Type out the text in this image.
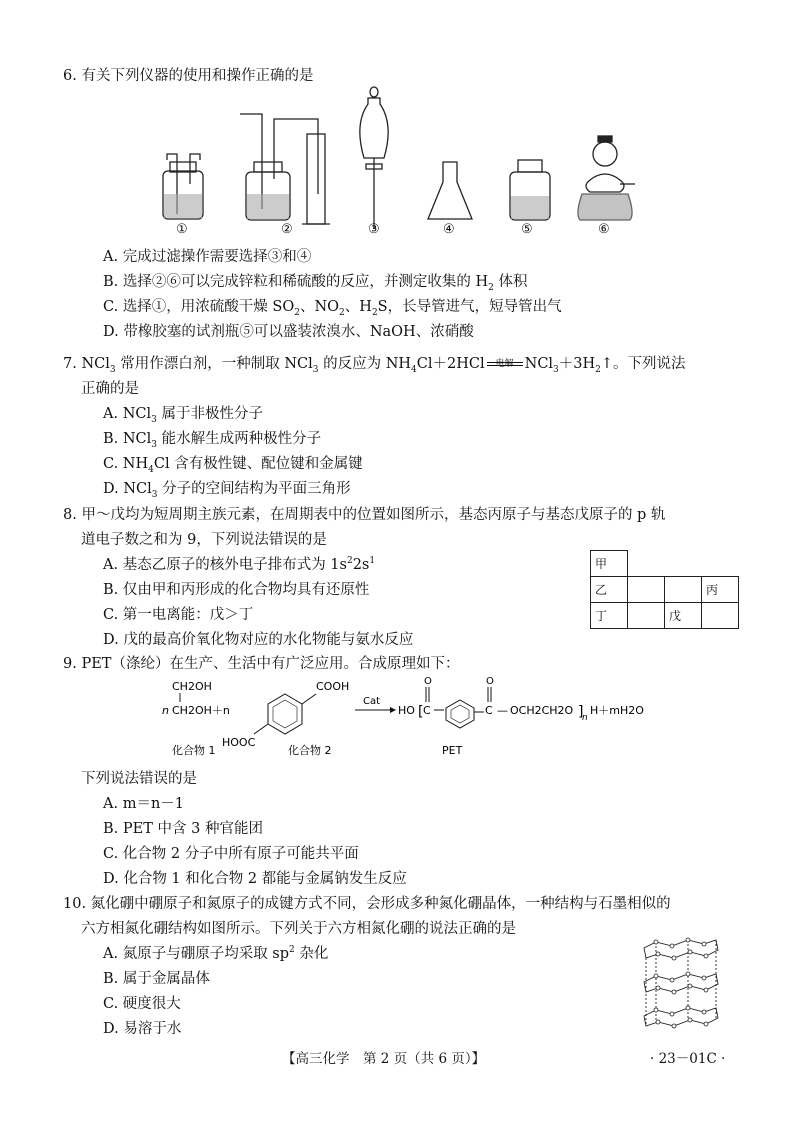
6. 有关下列仪器的使用和操作正确的是
①	②	③	④	⑤	⑥
A. 完成过滤操作需要选择③和④
B. 选择②⑥可以完成锌粒和稀硫酸的反应，并测定收集的 $H_2$ 体积
C. 选择①，用浓硫酸干燥 $SO_2$、$NO_2$、$H_2S$，长导管进气，短导管出气
D. 带橡胶塞的试剂瓶⑤可以盛装浓溴水、NaOH、浓硝酸
7. NCl$_3$ 常用作漂白剂，一种制取 NCl$_3$ 的反应为 $NH_4Cl+2HCl$	电解 $NCl_3+3H_2↑$。下列说法
正确的是
A. NCl$_3$ 属于非极性分子
B. NCl$_3$ 能水解生成两种极性分子
C. $NH_4Cl$ 含有极性键、配位键和金属键
D. NCl$_3$ 分子的空间结构为平面三角形
8. 甲～戊均为短周期主族元素，在周期表中的位置如图所示，基态丙原子与基态戊原子的 p 轨
道电子数之和为 9，下列说法错误的是
A. 基态乙原子的核外电子排布式为 $1s^22s^1$
B. 仅由甲和丙形成的化合物均具有还原性
C. 第一电离能：戊＞丁
D. 戊的最高价氧化物对应的水化物能与氨水反应
甲			
乙			丙
丁		戊	
9. PET（涤纶）在生产、生活中有广泛应用。合成原理如下：
CH2OH
n CH2OH＋n
COOH
HOOC
Cat
HO [
O
C
O
C — OCH2CH2O ]
n
H＋mH2O
化合物 1	化合物 2	PET
下列说法错误的是
A. m＝n－1
B. PET 中含 3 种官能团
C. 化合物 2 分子中所有原子可能共平面
D. 化合物 1 和化合物 2 都能与金属钠发生反应
10. 氮化硼中硼原子和氮原子的成键方式不同，会形成多种氮化硼晶体，一种结构与石墨相似的
六方相氮化硼结构如图所示。下列关于六方相氮化硼的说法正确的是
A. 氮原子与硼原子均采取 $sp^2$ 杂化
B. 属于金属晶体
C. 硬度很大
D. 易溶于水
【高三化学　第 2 页（共 6 页）】	· 23－01C ·
